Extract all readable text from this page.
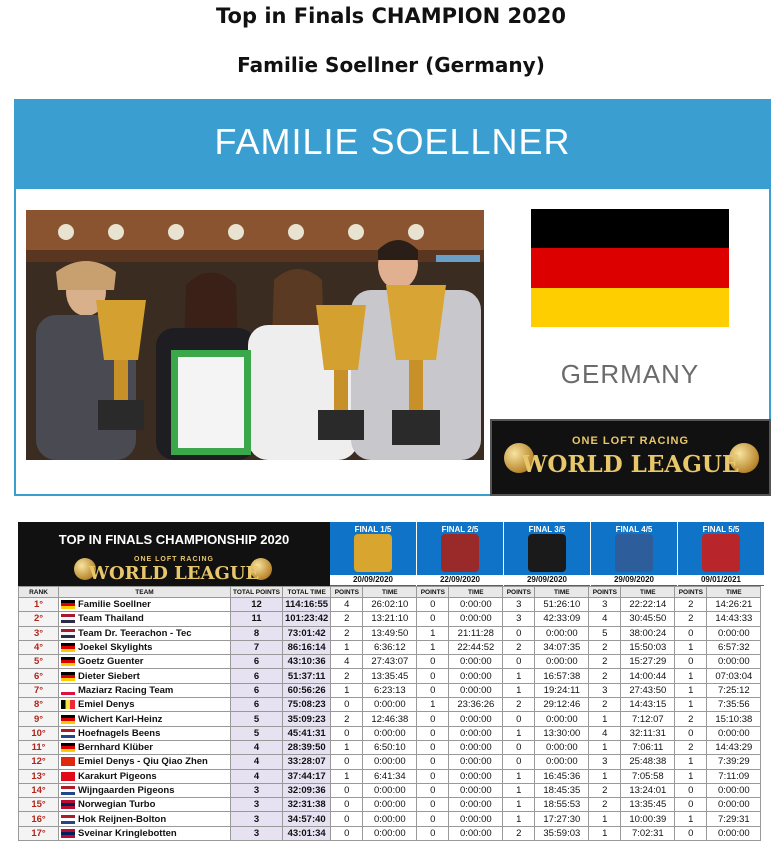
Top in Finals CHAMPION 2020
Familie Soellner (Germany)
FAMILIE SOELLNER
GERMANY
ONE LOFT RACING
WORLD LEAGUE
TOP IN FINALS CHAMPIONSHIP 2020
ONE LOFT RACING
WORLD LEAGUE
FINAL 1/5
20/09/2020
FINAL 2/5
22/09/2020
FINAL 3/5
29/09/2020
FINAL 4/5
29/09/2020
FINAL 5/5
09/01/2021
RANK	TEAM	TOTAL POINTS	TOTAL TIME	POINTS	TIME	POINTS	TIME	POINTS	TIME	POINTS	TIME	POINTS	TIME
1°	Familie Soellner	12	114:16:55	4	26:02:10	0	0:00:00	3	51:26:10	3	22:22:14	2	14:26:21
2°	Team Thailand	11	101:23:42	2	13:21:10	0	0:00:00	3	42:33:09	4	30:45:50	2	14:43:33
3°	Team Dr. Teerachon - Tec	8	73:01:42	2	13:49:50	1	21:11:28	0	0:00:00	5	38:00:24	0	0:00:00
4°	Joekel Skylights	7	86:16:14	1	6:36:12	1	22:44:52	2	34:07:35	2	15:50:03	1	6:57:32
5°	Goetz Guenter	6	43:10:36	4	27:43:07	0	0:00:00	0	0:00:00	2	15:27:29	0	0:00:00
6°	Dieter Siebert	6	51:37:11	2	13:35:45	0	0:00:00	1	16:57:38	2	14:00:44	1	07:03:04
7°	Maziarz Racing Team	6	60:56:26	1	6:23:13	0	0:00:00	1	19:24:11	3	27:43:50	1	7:25:12
8°	Emiel Denys	6	75:08:23	0	0:00:00	1	23:36:26	2	29:12:46	2	14:43:15	1	7:35:56
9°	Wichert Karl-Heinz	5	35:09:23	2	12:46:38	0	0:00:00	0	0:00:00	1	7:12:07	2	15:10:38
10°	Hoefnagels Beens	5	45:41:31	0	0:00:00	0	0:00:00	1	13:30:00	4	32:11:31	0	0:00:00
11°	Bernhard Klüber	4	28:39:50	1	6:50:10	0	0:00:00	0	0:00:00	1	7:06:11	2	14:43:29
12°	Emiel Denys - Qiu Qiao Zhen	4	33:28:07	0	0:00:00	0	0:00:00	0	0:00:00	3	25:48:38	1	7:39:29
13°	Karakurt Pigeons	4	37:44:17	1	6:41:34	0	0:00:00	1	16:45:36	1	7:05:58	1	7:11:09
14°	Wijngaarden Pigeons	3	32:09:36	0	0:00:00	0	0:00:00	1	18:45:35	2	13:24:01	0	0:00:00
15°	Norwegian Turbo	3	32:31:38	0	0:00:00	0	0:00:00	1	18:55:53	2	13:35:45	0	0:00:00
16°	Hok Reijnen-Bolton	3	34:57:40	0	0:00:00	0	0:00:00	1	17:27:30	1	10:00:39	1	7:29:31
17°	Sveinar Kringlebotten	3	43:01:34	0	0:00:00	0	0:00:00	2	35:59:03	1	7:02:31	0	0:00:00
